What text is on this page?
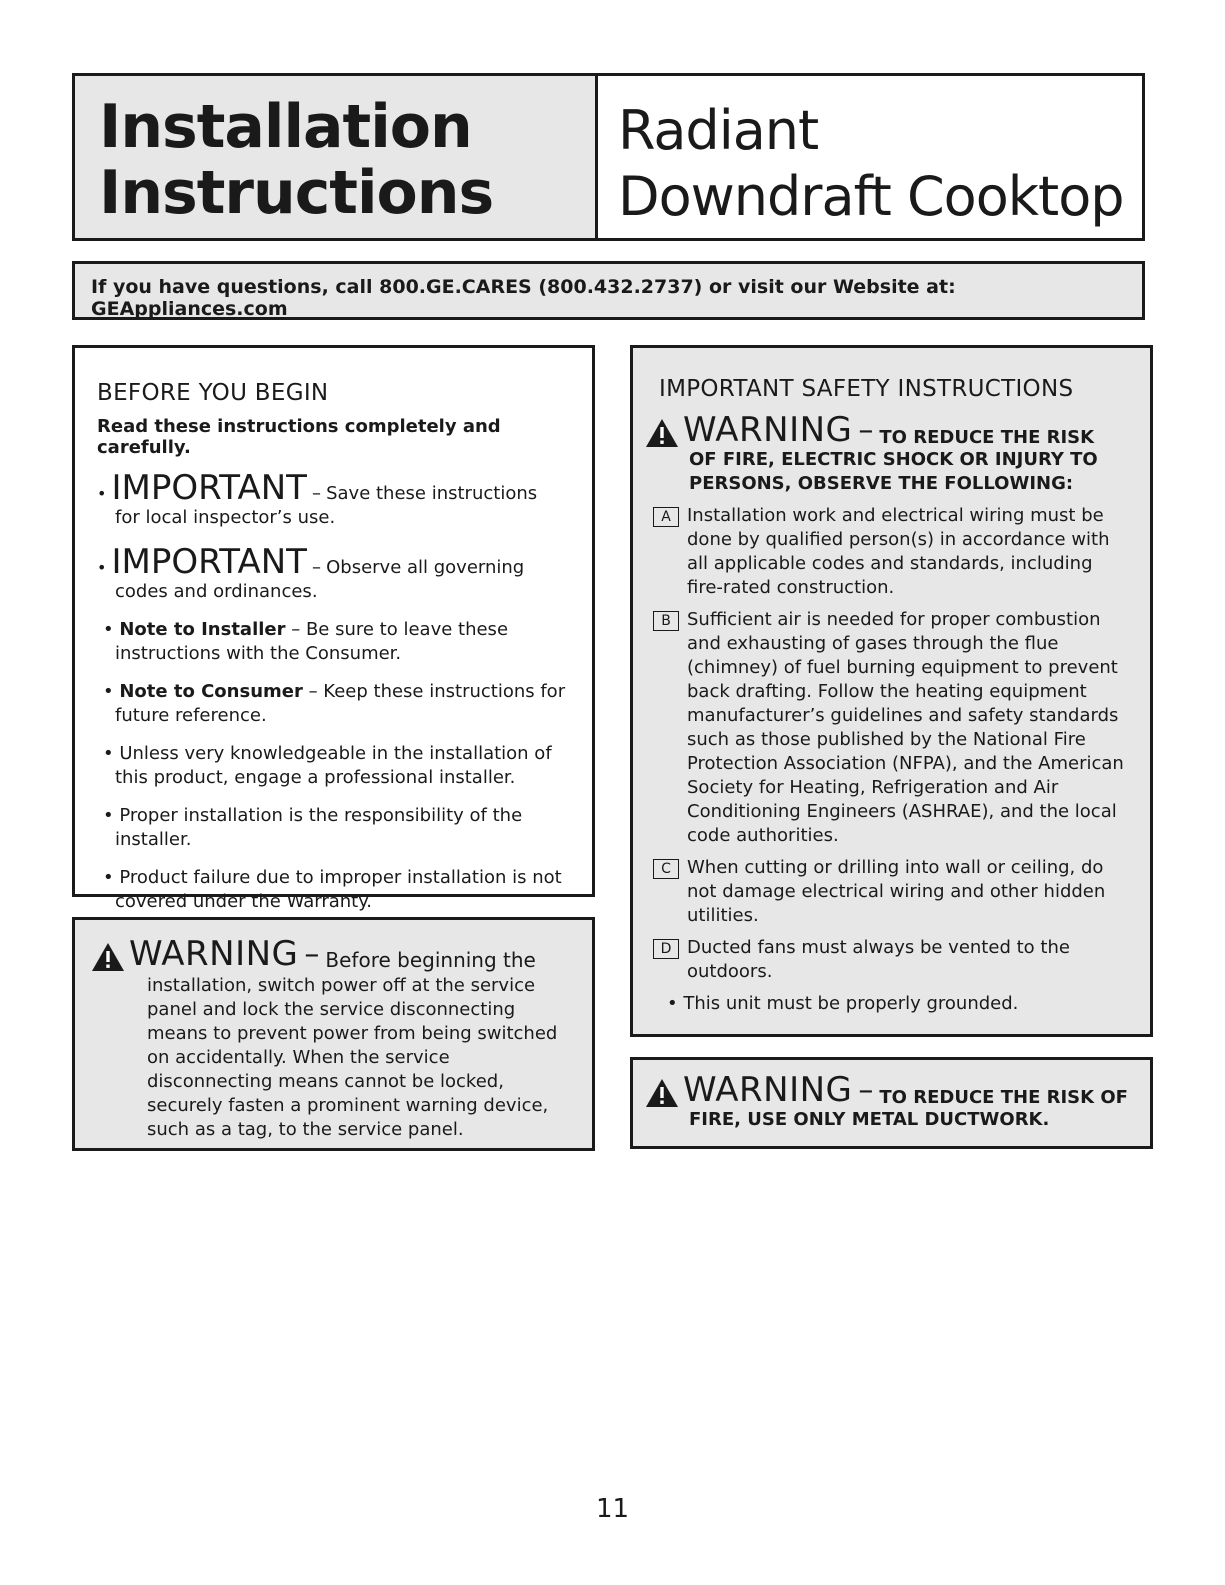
Installation
Instructions
Radiant
Downdraft Cooktop
If you have questions, call 800.GE.CARES (800.432.2737) or visit our Website at: GEAppliances.com
BEFORE YOU BEGIN
Read these instructions completely and carefully.
• IMPORTANT – Save these instructions
for local inspector’s use.
• IMPORTANT – Observe all governing
codes and ordinances.
• Note to Installer – Be sure to leave these instructions with the Consumer.
• Note to Consumer – Keep these instructions for future reference.
• Unless very knowledgeable in the installation of this product, engage a professional installer.
• Proper installation is the responsibility of the installer.
• Product failure due to improper installation is not covered under the Warranty.
WARNING – Before beginning the
installation, switch power off at the service panel and lock the service disconnecting means to prevent power from being switched on accidentally. When the service disconnecting means cannot be locked, securely fasten a prominent warning device, such as a tag, to the service panel.
IMPORTANT SAFETY INSTRUCTIONS
WARNING – TO REDUCE THE RISK
OF FIRE, ELECTRIC SHOCK OR INJURY TO PERSONS, OBSERVE THE FOLLOWING:
A Installation work and electrical wiring must be done by qualified person(s) in accordance with all applicable codes and standards, including fire-rated construction.
B Sufficient air is needed for proper combustion and exhausting of gases through the flue (chimney) of fuel burning equipment to prevent back drafting. Follow the heating equipment manufacturer’s guidelines and safety standards such as those published by the National Fire Protection Association (NFPA), and the American Society for Heating, Refrigeration and Air Conditioning Engineers (ASHRAE), and the local code authorities.
C When cutting or drilling into wall or ceiling, do not damage electrical wiring and other hidden utilities.
D Ducted fans must always be vented to the outdoors.
• This unit must be properly grounded.
WARNING – TO REDUCE THE RISK OF
FIRE, USE ONLY METAL DUCTWORK.
11
